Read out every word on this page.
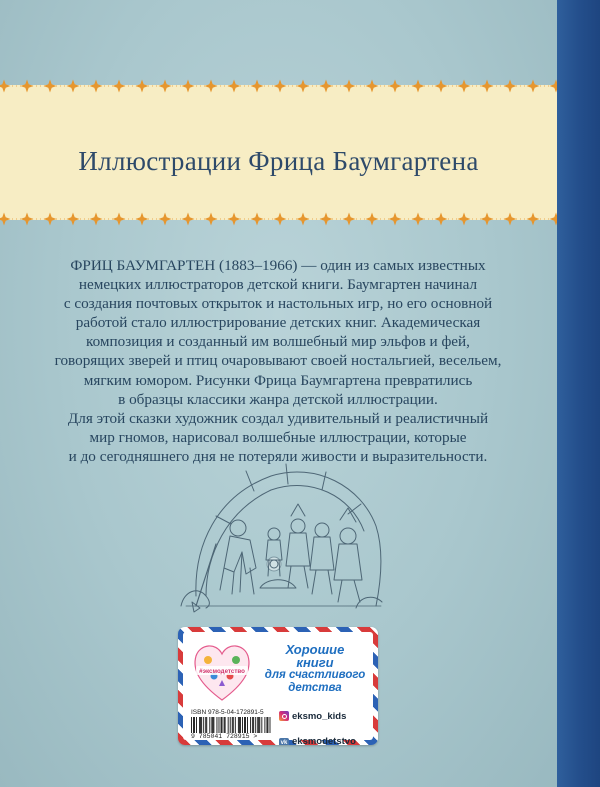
Иллюстрации Фрица Баумгартена
ФРИЦ БАУМГАРТЕН (1883–1966) — один из самых известных
немецких иллюстраторов детской книги. Баумгартен начинал
с создания почтовых открыток и настольных игр, но его основной
работой стало иллюстрирование детских книг. Академическая
композиция и созданный им волшебный мир эльфов и фей,
говорящих зверей и птиц очаровывают своей ностальгией, весельем,
мягким юмором. Рисунки Фрица Баумгартена превратились
в образцы классики жанра детской иллюстрации.
Для этой сказки художник создал удивительный и реалистичный
мир гномов, нарисовал волшебные иллюстрации, которые
и до сегодняшнего дня не потеряли живости и выразительности.
#эксмодетство
Хорошие
книги
для счастливого
детства
ISBN 978-5-04-172891-5
9 785041 728915 >
eksmo_kids
vk eksmodetstvo
